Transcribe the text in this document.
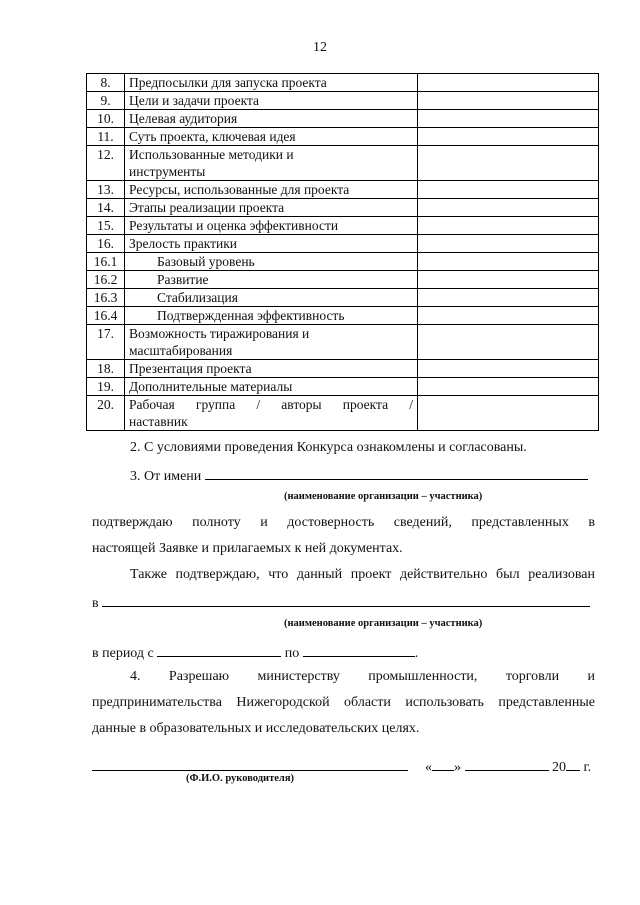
12
8.	Предпосылки для запуска проекта	
9.	Цели и задачи проекта	
10.	Целевая аудитория	
11.	Суть проекта, ключевая идея	
12.	Использованные методики и
инструменты	
13.	Ресурсы, использованные для проекта	
14.	Этапы реализации проекта	
15.	Результаты и оценка эффективности	
16.	Зрелость практики	
16.1	Базовый уровень	
16.2	Развитие	
16.3	Стабилизация	
16.4	Подтвержденная эффективность	
17.	Возможность тиражирования и
масштабирования	
18.	Презентация проекта	
19.	Дополнительные материалы	
20.	Рабочая группа / авторы проекта /
наставник	

2. С условиями проведения Конкурса ознакомлены и согласованы.
3. От имени
(наименование организации – участника)
подтверждаю полноту и достоверность сведений, представленных в
настоящей Заявке и прилагаемых к ней документах.
Также подтверждаю, что данный проект действительно был реализован
в
(наименование организации – участника)
в период с	по	.
4. Разрешаю министерству промышленности, торговли и
предпринимательства Нижегородской области использовать представленные
данные в образовательных и исследовательских целях.
« »	20 г.
(Ф.И.О. руководителя)
